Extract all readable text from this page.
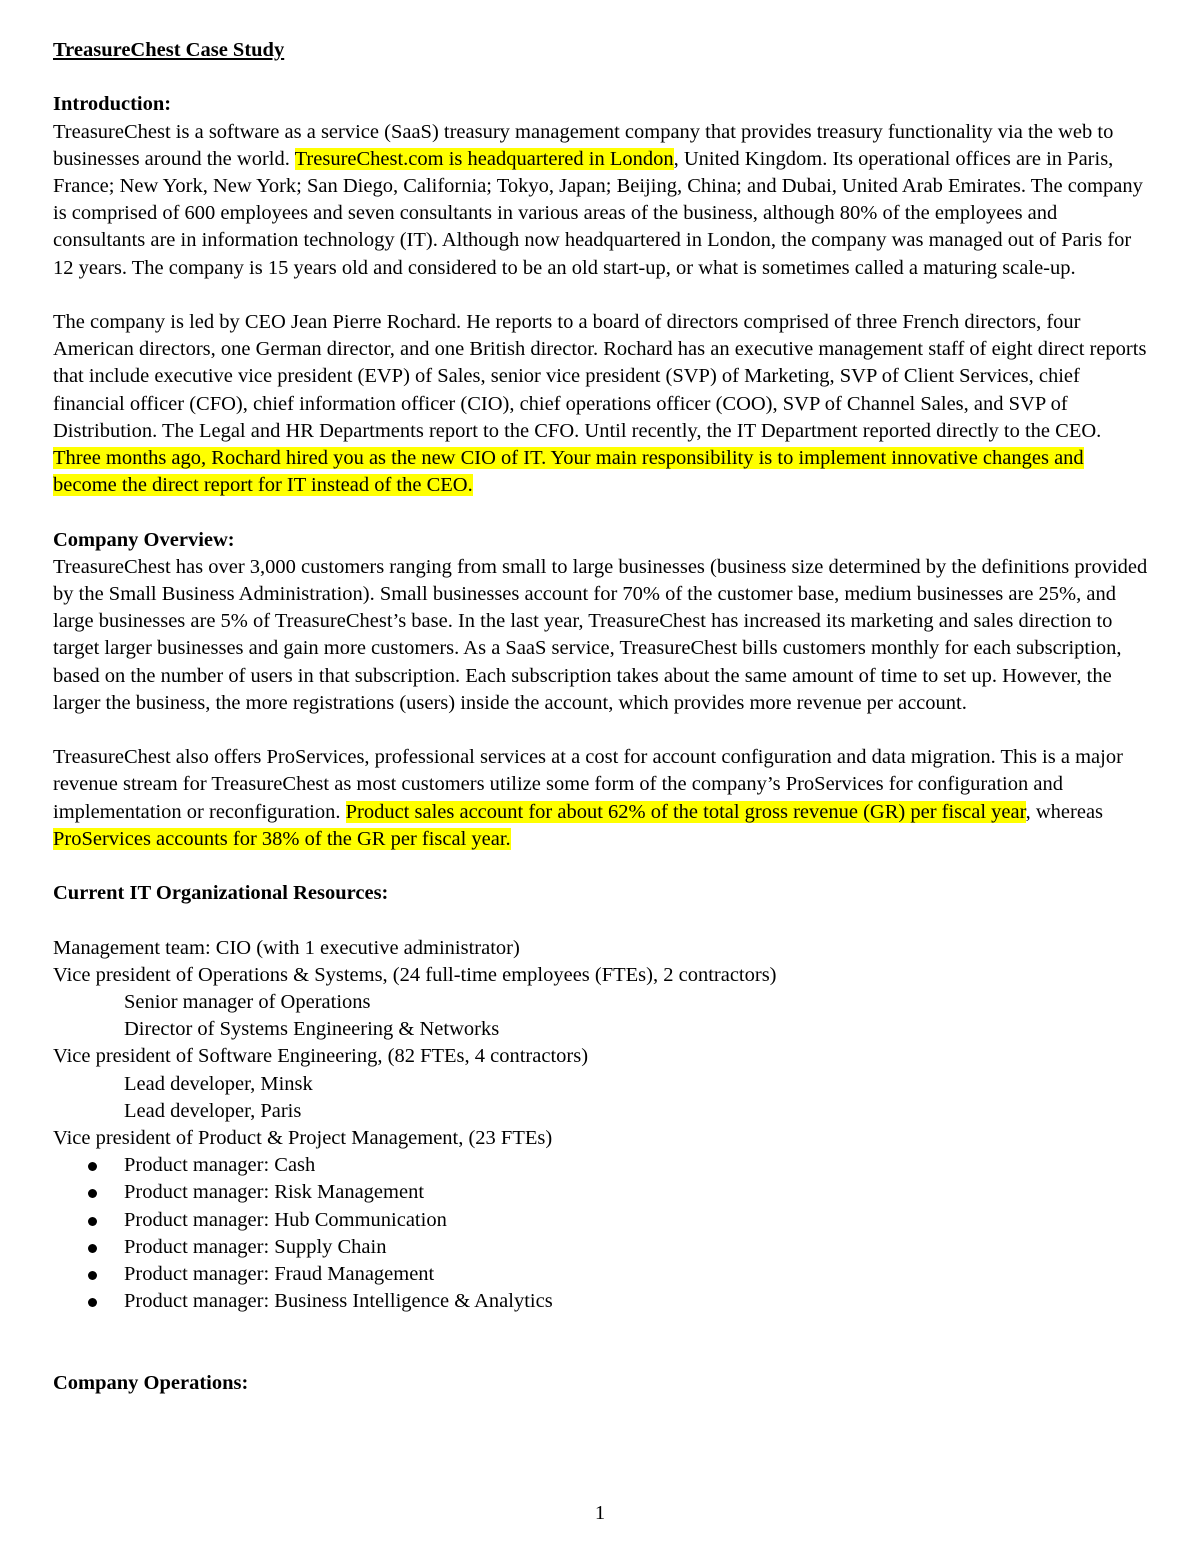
TreasureChest Case Study

Introduction:

TreasureChest is a software as a service (SaaS) treasury management company that provides treasury functionality via the web to businesses around the world. TresureChest.com is headquartered in London, United Kingdom. Its operational offices are in Paris, France; New York, New York; San Diego, California; Tokyo, Japan; Beijing, China; and Dubai, United Arab Emirates. The company is comprised of 600 employees and seven consultants in various areas of the business, although 80% of the employees and consultants are in information technology (IT). Although now headquartered in London, the company was managed out of Paris for 12 years. The company is 15 years old and considered to be an old start-up, or what is sometimes called a maturing scale-up.

The company is led by CEO Jean Pierre Rochard. He reports to a board of directors comprised of three French directors, four American directors, one German director, and one British director. Rochard has an executive management staff of eight direct reports that include executive vice president (EVP) of Sales, senior vice president (SVP) of Marketing, SVP of Client Services, chief financial officer (CFO), chief information officer (CIO), chief operations officer (COO), SVP of Channel Sales, and SVP of Distribution. The Legal and HR Departments report to the CFO. Until recently, the IT Department reported directly to the CEO. Three months ago, Rochard hired you as the new CIO of IT. Your main responsibility is to implement innovative changes and become the direct report for IT instead of the CEO.

Company Overview:

TreasureChest has over 3,000 customers ranging from small to large businesses (business size determined by the definitions provided by the Small Business Administration). Small businesses account for 70% of the customer base, medium businesses are 25%, and large businesses are 5% of TreasureChest’s base. In the last year, TreasureChest has increased its marketing and sales direction to target larger businesses and gain more customers. As a SaaS service, TreasureChest bills customers monthly for each subscription, based on the number of users in that subscription. Each subscription takes about the same amount of time to set up. However, the larger the business, the more registrations (users) inside the account, which provides more revenue per account.

TreasureChest also offers ProServices, professional services at a cost for account configuration and data migration. This is a major revenue stream for TreasureChest as most customers utilize some form of the company’s ProServices for configuration and implementation or reconfiguration. Product sales account for about 62% of the total gross revenue (GR) per fiscal year, whereas ProServices accounts for 38% of the GR per fiscal year.

Current IT Organizational Resources:

Management team: CIO (with 1 executive administrator)
Vice president of Operations & Systems, (24 full-time employees (FTEs), 2 contractors)
Senior manager of Operations
Director of Systems Engineering & Networks
Vice president of Software Engineering, (82 FTEs, 4 contractors)
Lead developer, Minsk
Lead developer, Paris
Vice president of Product & Project Management, (23 FTEs)
Product manager: Cash
Product manager: Risk Management
Product manager: Hub Communication
Product manager: Supply Chain
Product manager: Fraud Management
Product manager: Business Intelligence & Analytics

Company Operations:

1
